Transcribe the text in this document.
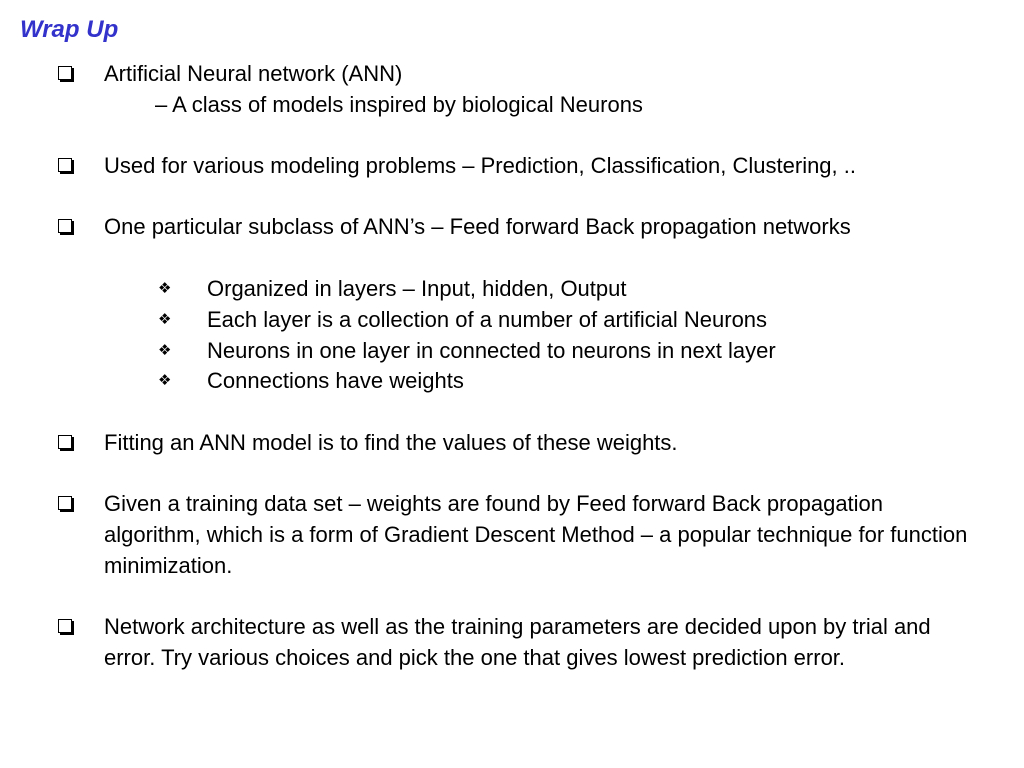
Wrap Up
Artificial Neural network (ANN)
– A class of models inspired by biological Neurons
Used for various modeling problems – Prediction, Classification, Clustering, ..
One particular subclass of ANN’s – Feed forward Back propagation networks
❖ Organized in layers – Input, hidden, Output
❖ Each layer is a collection of a number of artificial Neurons
❖ Neurons in one layer in connected to neurons in next layer
❖ Connections have weights
Fitting an ANN model is to find the values of these weights.
Given a training data set – weights are found by Feed forward Back propagation algorithm, which is a form of Gradient Descent Method – a popular technique for function minimization.
Network architecture as well as the training parameters are decided upon by trial and error. Try various choices and pick the one that gives lowest prediction error.
